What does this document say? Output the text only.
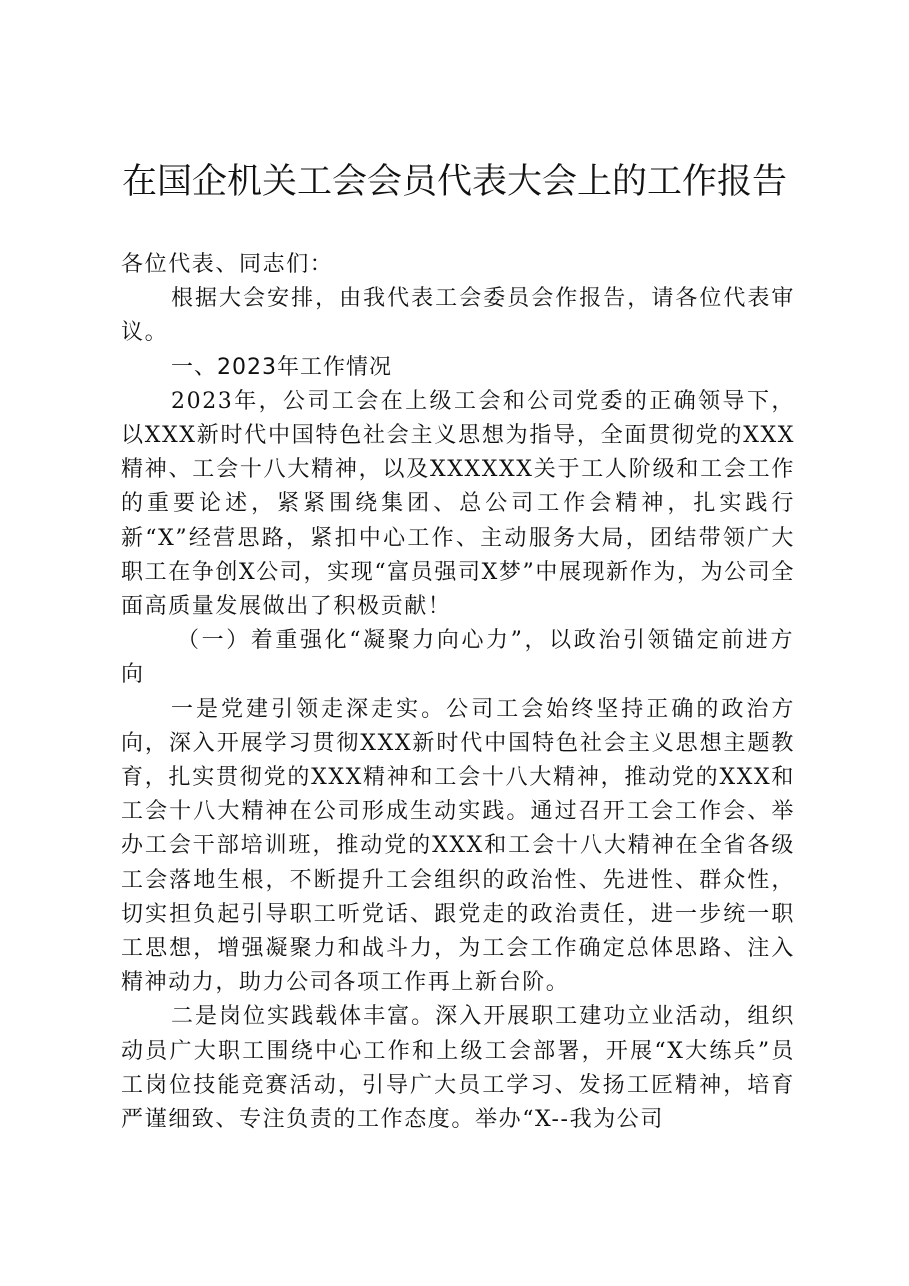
在国企机关工会会员代表大会上的工作报告

各位代表、同志们：

根据大会安排，由我代表工会委员会作报告，请各位代表审议。

一、2023年工作情况

2023年，公司工会在上级工会和公司党委的正确领导下，以XXX新时代中国特色社会主义思想为指导，全面贯彻党的XXX精神、工会十八大精神，以及XXXXXX关于工人阶级和工会工作的重要论述，紧紧围绕集团、总公司工作会精神，扎实践行新“X”经营思路，紧扣中心工作、主动服务大局，团结带领广大职工在争创X公司，实现“富员强司X梦”中展现新作为，为公司全面高质量发展做出了积极贡献！

（一）着重强化“凝聚力向心力”，以政治引领锚定前进方向

一是党建引领走深走实。公司工会始终坚持正确的政治方向，深入开展学习贯彻XXX新时代中国特色社会主义思想主题教育，扎实贯彻党的XXX精神和工会十八大精神，推动党的XXX和工会十八大精神在公司形成生动实践。通过召开工会工作会、举办工会干部培训班，推动党的XXX和工会十八大精神在全省各级工会落地生根，不断提升工会组织的政治性、先进性、群众性，切实担负起引导职工听党话、跟党走的政治责任，进一步统一职工思想，增强凝聚力和战斗力，为工会工作确定总体思路、注入精神动力，助力公司各项工作再上新台阶。

二是岗位实践载体丰富。深入开展职工建功立业活动，组织动员广大职工围绕中心工作和上级工会部署，开展“X大练兵”员工岗位技能竞赛活动，引导广大员工学习、发扬工匠精神，培育严谨细致、专注负责的工作态度。举办“X--我为公司
